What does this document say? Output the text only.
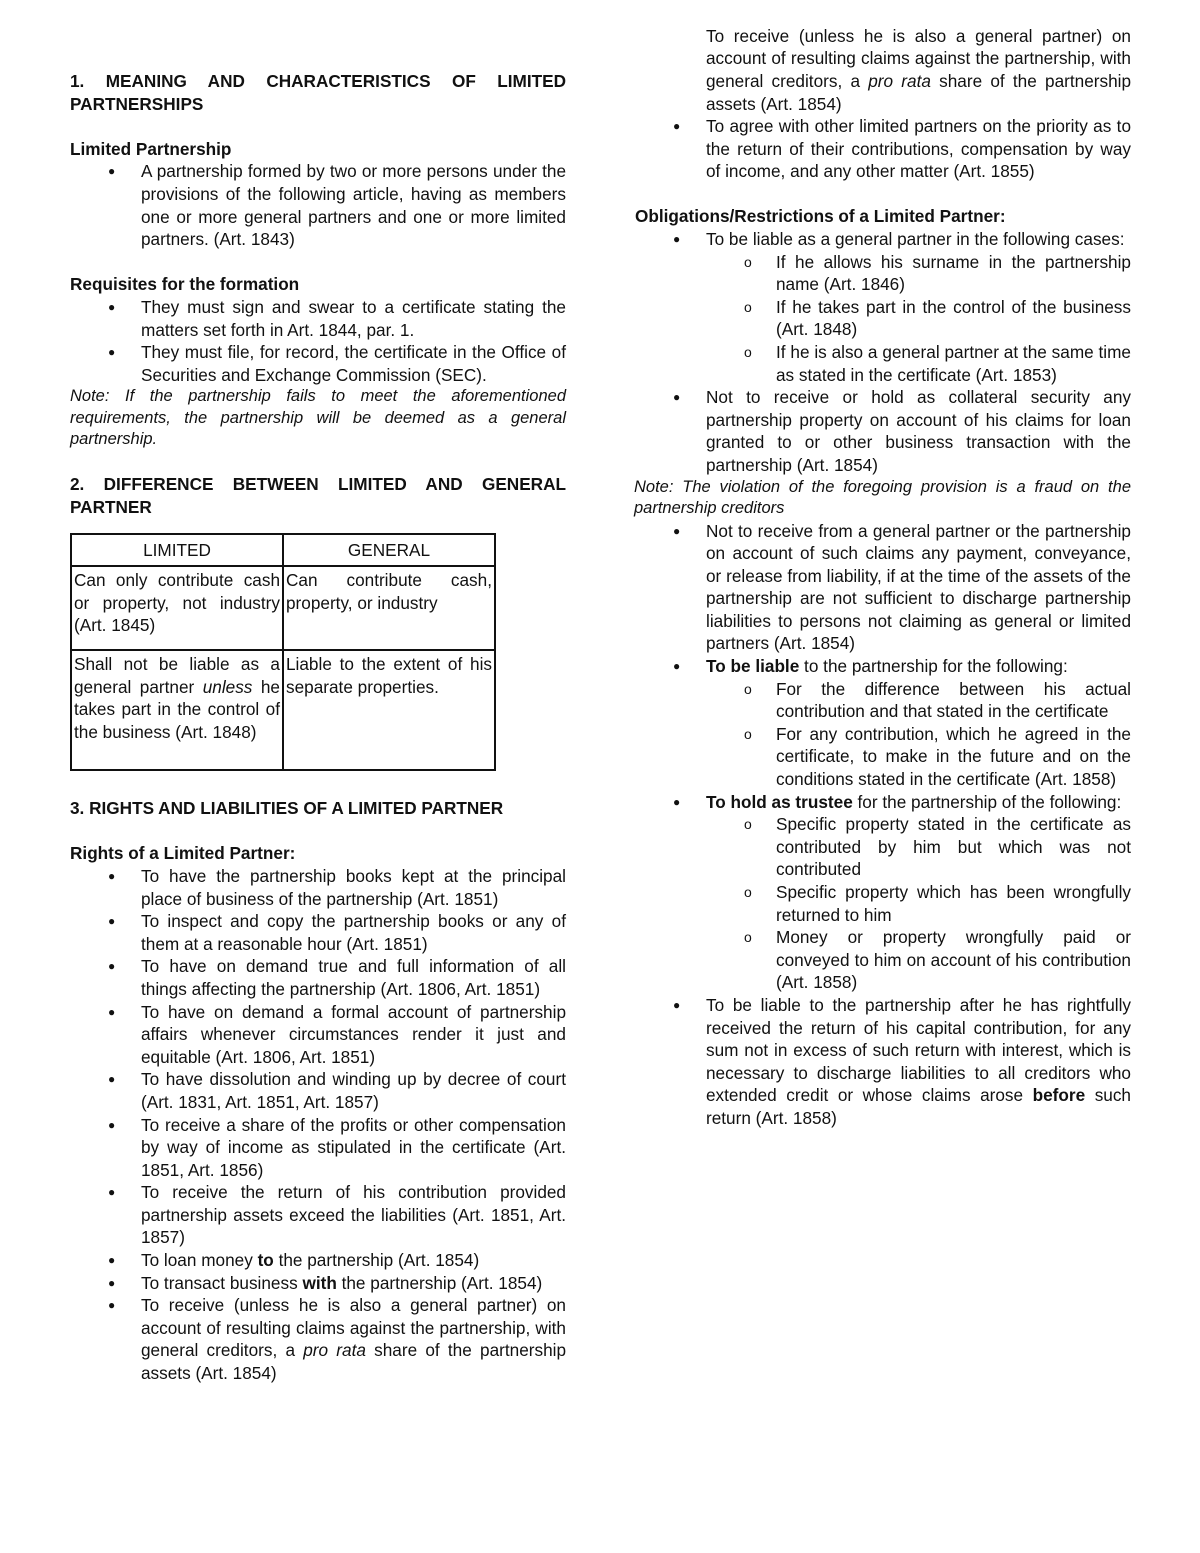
1. MEANING AND CHARACTERISTICS OF LIMITED PARTNERSHIPS

Limited Partnership

● A partnership formed by two or more persons under the provisions of the following article, having as members one or more general partners and one or more limited partners. (Art. 1843)

Requisites for the formation

● They must sign and swear to a certificate stating the matters set forth in Art. 1844, par. 1.
● They must file, for record, the certificate in the Office of Securities and Exchange Commission (SEC).

Note: If the partnership fails to meet the aforementioned requirements, the partnership will be deemed as a general partnership.

2. DIFFERENCE BETWEEN LIMITED AND GENERAL PARTNER

LIMITED	GENERAL
Can only contribute cash or property, not industry (Art. 1845)	Can contribute cash, property, or industry
Shall not be liable as a general partner unless he takes part in the control of the business (Art. 1848)	Liable to the extent of his separate properties.

3. RIGHTS AND LIABILITIES OF A LIMITED PARTNER

Rights of a Limited Partner:

● To have the partnership books kept at the principal place of business of the partnership (Art. 1851)
● To inspect and copy the partnership books or any of them at a reasonable hour (Art. 1851)
● To have on demand true and full information of all things affecting the partnership (Art. 1806, Art. 1851)
● To have on demand a formal account of partnership affairs whenever circumstances render it just and equitable (Art. 1806, Art. 1851)
● To have dissolution and winding up by decree of court (Art. 1831, Art. 1851, Art. 1857)
● To receive a share of the profits or other compensation by way of income as stipulated in the certificate (Art. 1851, Art. 1856)
● To receive the return of his contribution provided partnership assets exceed the liabilities (Art. 1851, Art. 1857)
● To loan money to the partnership (Art. 1854)
● To transact business with the partnership (Art. 1854)
● To receive (unless he is also a general partner) on account of resulting claims against the partnership, with general creditors, a pro rata share of the partnership assets (Art. 1854)
To receive (unless he is also a general partner) on account of resulting claims against the partnership, with general creditors, a pro rata share of the partnership assets (Art. 1854)
● To agree with other limited partners on the priority as to the return of their contributions, compensation by way of income, and any other matter (Art. 1855)

Obligations/Restrictions of a Limited Partner:

● To be liable as a general partner in the following cases:
o If he allows his surname in the partnership name (Art. 1846)
o If he takes part in the control of the business (Art. 1848)
o If he is also a general partner at the same time as stated in the certificate (Art. 1853)
● Not to receive or hold as collateral security any partnership property on account of his claims for loan granted to or other business transaction with the partnership (Art. 1854)

Note: The violation of the foregoing provision is a fraud on the partnership creditors

● Not to receive from a general partner or the partnership on account of such claims any payment, conveyance, or release from liability, if at the time of the assets of the partnership are not sufficient to discharge partnership liabilities to persons not claiming as general or limited partners (Art. 1854)
● To be liable to the partnership for the following:
o For the difference between his actual contribution and that stated in the certificate
o For any contribution, which he agreed in the certificate, to make in the future and on the conditions stated in the certificate (Art. 1858)
● To hold as trustee for the partnership of the following:
o Specific property stated in the certificate as contributed by him but which was not contributed
o Specific property which has been wrongfully returned to him
o Money or property wrongfully paid or conveyed to him on account of his contribution (Art. 1858)
● To be liable to the partnership after he has rightfully received the return of his capital contribution, for any sum not in excess of such return with interest, which is necessary to discharge liabilities to all creditors who extended credit or whose claims arose before such return (Art. 1858)
